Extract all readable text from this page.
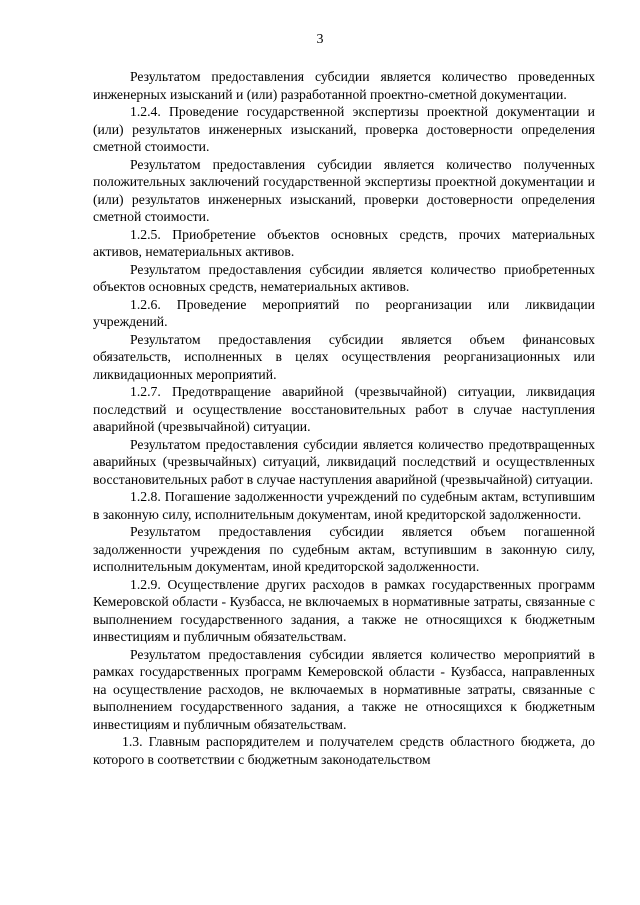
3

Результатом предоставления субсидии является количество проведенных инженерных изысканий и (или) разработанной проектно-сметной документации.

1.2.4. Проведение государственной экспертизы проектной документации и (или) результатов инженерных изысканий, проверка достоверности определения сметной стоимости.

Результатом предоставления субсидии является количество полученных положительных заключений государственной экспертизы проектной документации и (или) результатов инженерных изысканий, проверки достоверности определения сметной стоимости.

1.2.5. Приобретение объектов основных средств, прочих материальных активов, нематериальных активов.

Результатом предоставления субсидии является количество приобретенных объектов основных средств, нематериальных активов.

1.2.6. Проведение мероприятий по реорганизации или ликвидации учреждений.

Результатом предоставления субсидии является объем финансовых обязательств, исполненных в целях осуществления реорганизационных или ликвидационных мероприятий.

1.2.7. Предотвращение аварийной (чрезвычайной) ситуации, ликвидация последствий и осуществление восстановительных работ в случае наступления аварийной (чрезвычайной) ситуации.

Результатом предоставления субсидии является количество предотвращенных аварийных (чрезвычайных) ситуаций, ликвидаций последствий и осуществленных восстановительных работ в случае наступления аварийной (чрезвычайной) ситуации.

1.2.8. Погашение задолженности учреждений по судебным актам, вступившим в законную силу, исполнительным документам, иной кредиторской задолженности.

Результатом предоставления субсидии является объем погашенной задолженности учреждения по судебным актам, вступившим в законную силу, исполнительным документам, иной кредиторской задолженности.

1.2.9. Осуществление других расходов в рамках государственных программ Кемеровской области - Кузбасса, не включаемых в нормативные затраты, связанные с выполнением государственного задания, а также не относящихся к бюджетным инвестициям и публичным обязательствам.

Результатом предоставления субсидии является количество мероприятий в рамках государственных программ Кемеровской области - Кузбасса, направленных на осуществление расходов, не включаемых в нормативные затраты, связанные с выполнением государственного задания, а также не относящихся к бюджетным инвестициям и публичным обязательствам.

1.3. Главным распорядителем и получателем средств областного бюджета, до которого в соответствии с бюджетным законодательством
